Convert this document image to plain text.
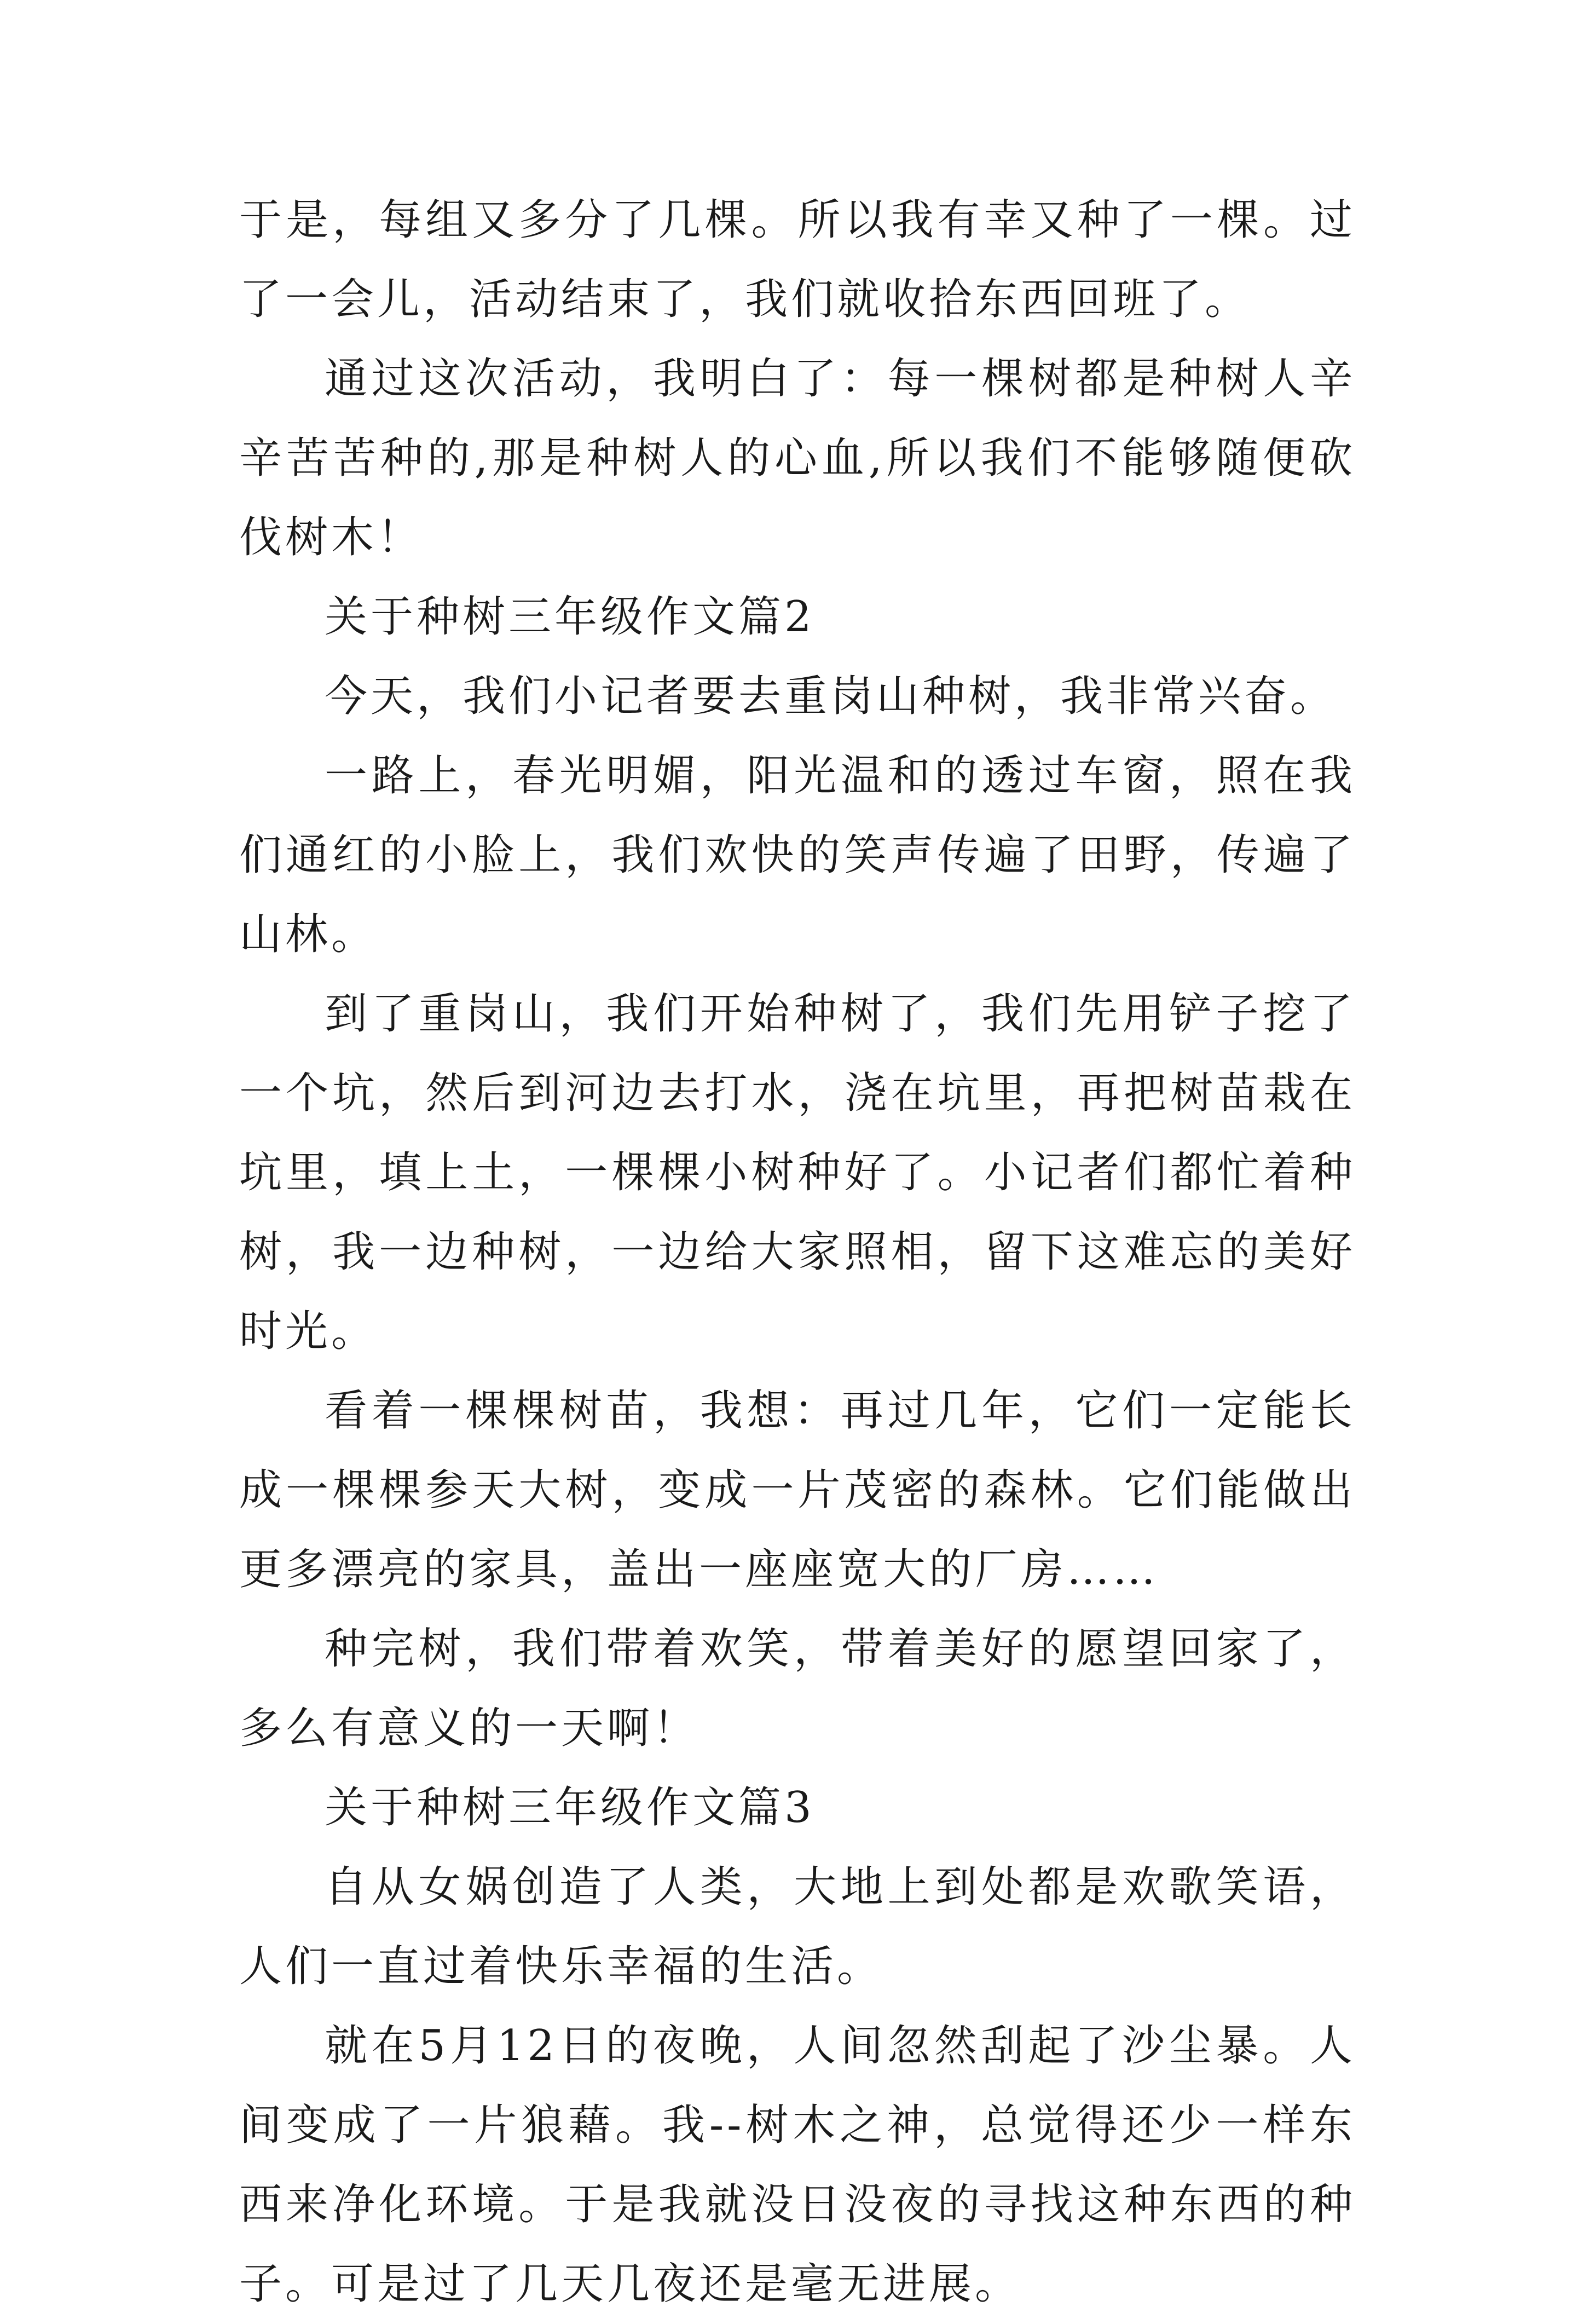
于是，每组又多分了几棵。所以我有幸又种了一棵。过了一会儿，活动结束了，我们就收拾东西回班了。

通过这次活动，我明白了：每一棵树都是种树人辛辛苦苦种的,那是种树人的心血,所以我们不能够随便砍伐树木！

关于种树三年级作文篇2

今天，我们小记者要去重岗山种树，我非常兴奋。

一路上，春光明媚，阳光温和的透过车窗，照在我们通红的小脸上，我们欢快的笑声传遍了田野，传遍了山林。

到了重岗山，我们开始种树了，我们先用铲子挖了一个坑，然后到河边去打水，浇在坑里，再把树苗栽在坑里，填上土，一棵棵小树种好了。小记者们都忙着种树，我一边种树，一边给大家照相，留下这难忘的美好时光。

看着一棵棵树苗，我想：再过几年，它们一定能长成一棵棵参天大树，变成一片茂密的森林。它们能做出更多漂亮的家具，盖出一座座宽大的厂房……

种完树，我们带着欢笑，带着美好的愿望回家了，多么有意义的一天啊！

关于种树三年级作文篇3

自从女娲创造了人类，大地上到处都是欢歌笑语，人们一直过着快乐幸福的生活。

就在5月12日的夜晚，人间忽然刮起了沙尘暴。人间变成了一片狼藉。我--树木之神，总觉得还少一样东西来净化环境。于是我就没日没夜的寻找这种东西的种子。可是过了几天几夜还是毫无进展。
